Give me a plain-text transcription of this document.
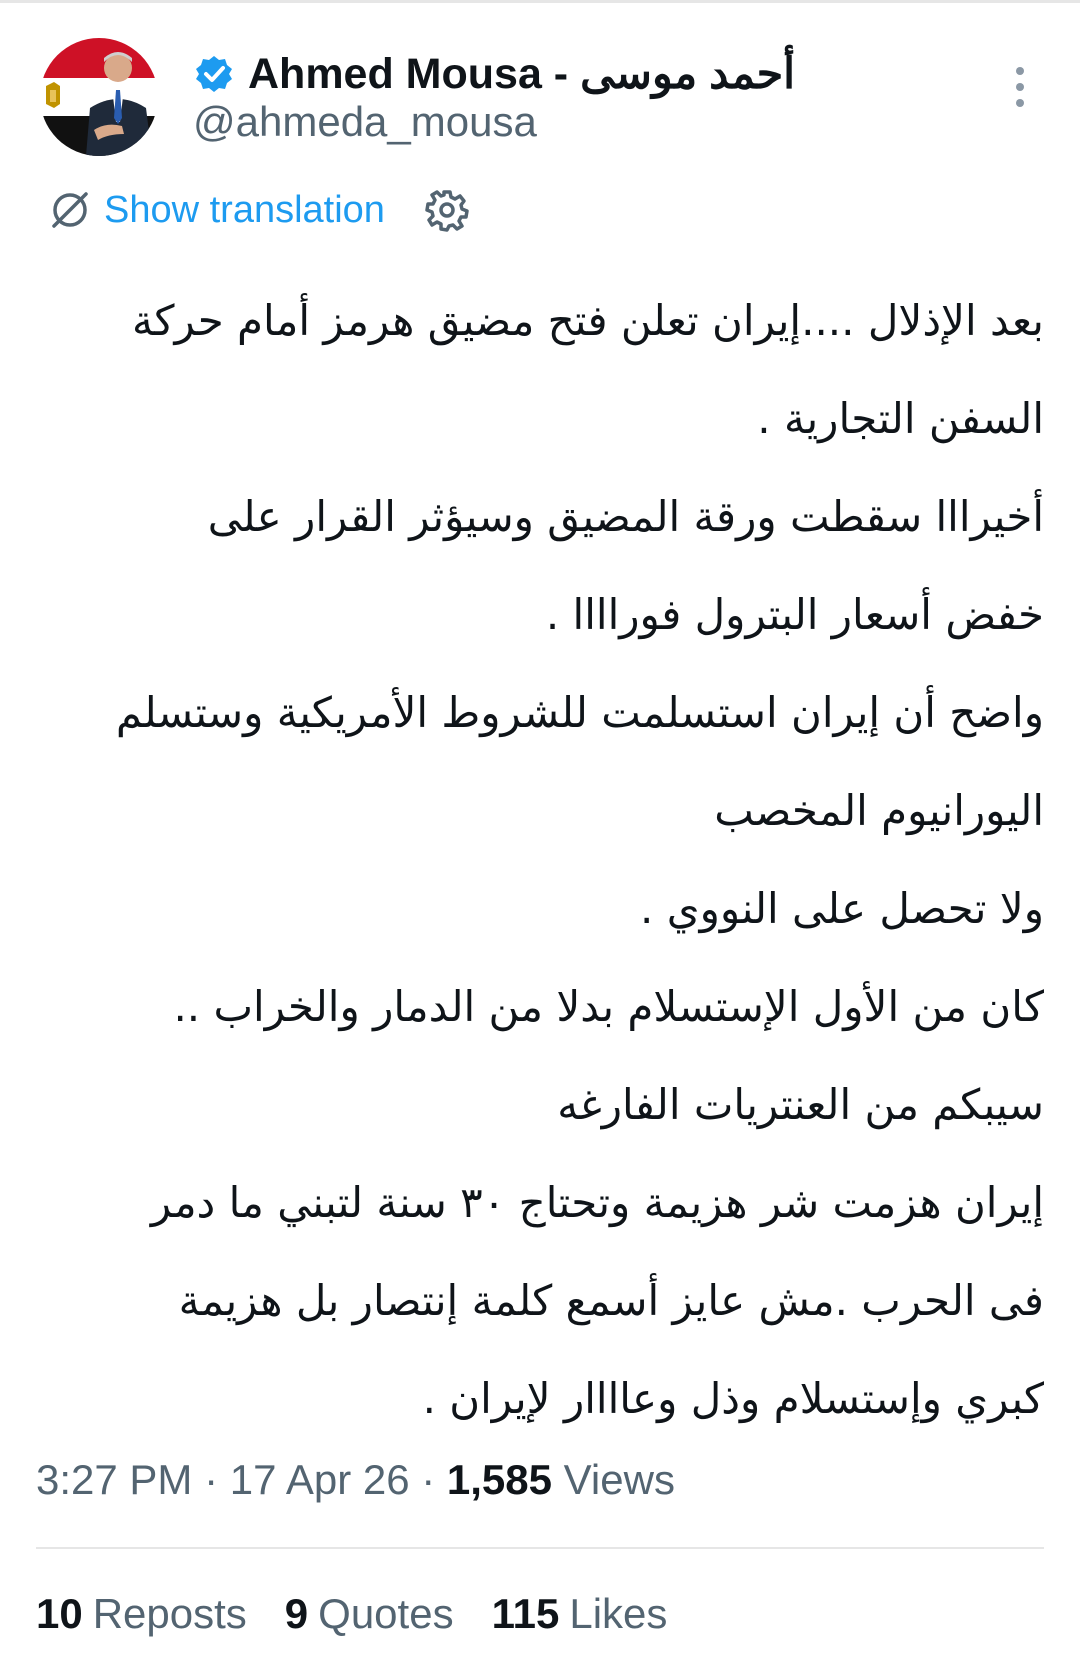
Ahmed Mousa - أحمد موسى
@ahmeda_mousa
Show translation
بعد الإذلال ....إيران تعلن فتح مضيق هرمز أمام حركة
السفن التجارية .
أخيرااا سقطت ورقة المضيق وسيؤثر القرار على
خفض أسعار البترول فوراااا .
واضح أن إيران استسلمت للشروط الأمريكية وستسلم
اليورانيوم المخصب
ولا تحصل على النووي .
كان من الأول الإستسلام بدلا من الدمار والخراب ..
سيبكم من العنتريات الفارغه
إيران هزمت شر هزيمة وتحتاج ٣٠ سنة لتبني ما دمر
فى الحرب .مش عايز أسمع كلمة إنتصار بل هزيمة
كبري وإستسلام وذل وعاااار لإيران .
3:27 PM · 17 Apr 26 · 1,585 Views
10 Reposts 9 Quotes 115 Likes
